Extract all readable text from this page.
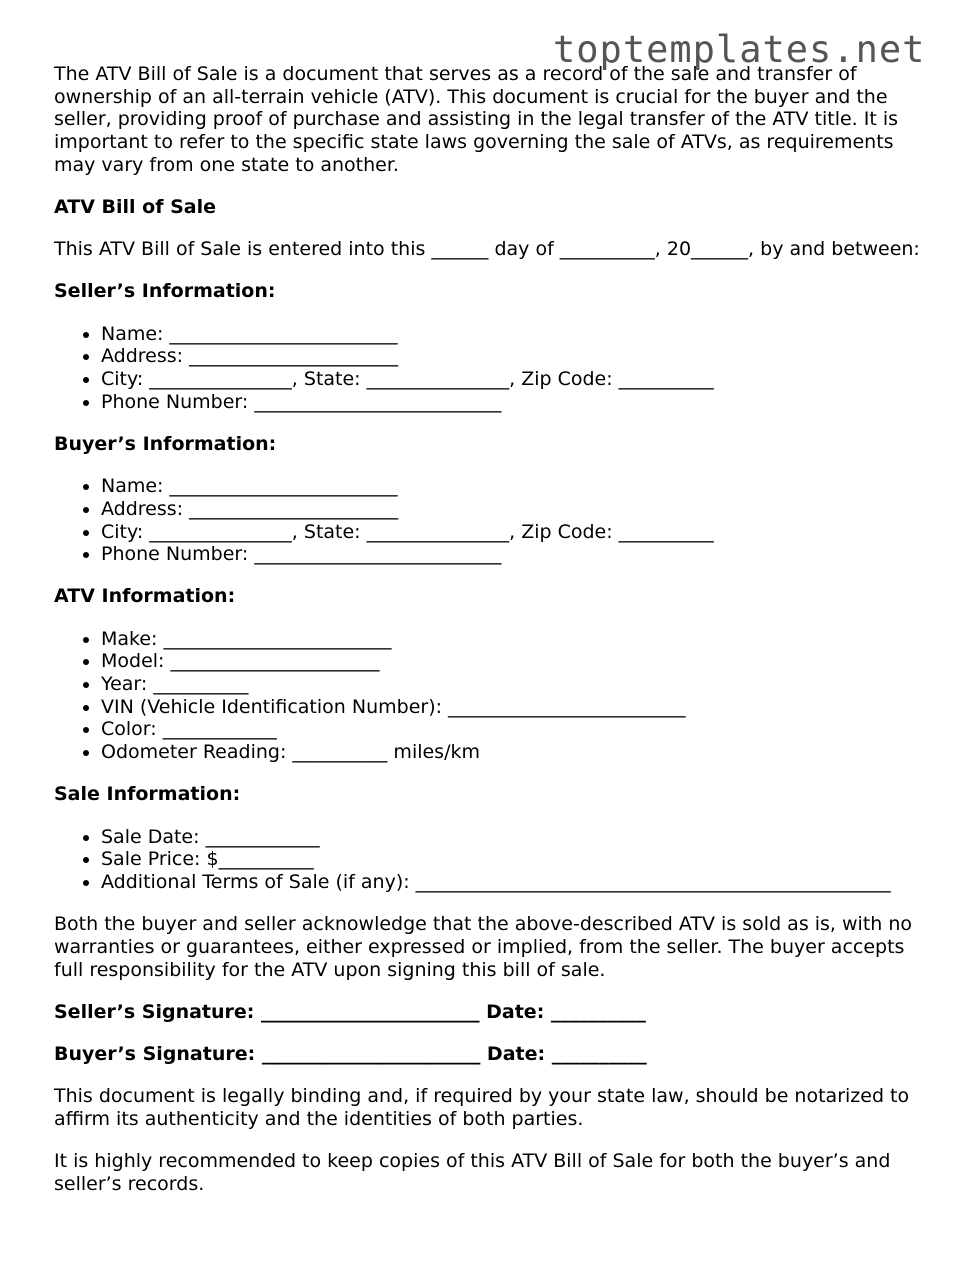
toptemplates.net

The ATV Bill of Sale is a document that serves as a record of the sale and transfer of ownership of an all-terrain vehicle (ATV). This document is crucial for the buyer and the seller, providing proof of purchase and assisting in the legal transfer of the ATV title. It is important to refer to the specific state laws governing the sale of ATVs, as requirements may vary from one state to another.

ATV Bill of Sale

This ATV Bill of Sale is entered into this ______ day of __________, 20______, by and between:

Seller’s Information:
• Name: ________________________
• Address: ______________________
• City: _______________, State: _______________, Zip Code: __________
• Phone Number: __________________________
Buyer’s Information:
• Name: ________________________
• Address: ______________________
• City: _______________, State: _______________, Zip Code: __________
• Phone Number: __________________________
ATV Information:
• Make: ________________________
• Model: ______________________
• Year: __________
• VIN (Vehicle Identification Number): _________________________
• Color: ____________
• Odometer Reading: __________ miles/km
Sale Information:
• Sale Date: ____________
• Sale Price: $__________
• Additional Terms of Sale (if any): __________________________________________________

Both the buyer and seller acknowledge that the above-described ATV is sold as is, with no warranties or guarantees, either expressed or implied, from the seller. The buyer accepts full responsibility for the ATV upon signing this bill of sale.

Seller’s Signature: _______________________ Date: __________

Buyer’s Signature: _______________________ Date: __________

This document is legally binding and, if required by your state law, should be notarized to affirm its authenticity and the identities of both parties.

It is highly recommended to keep copies of this ATV Bill of Sale for both the buyer’s and seller’s records.
